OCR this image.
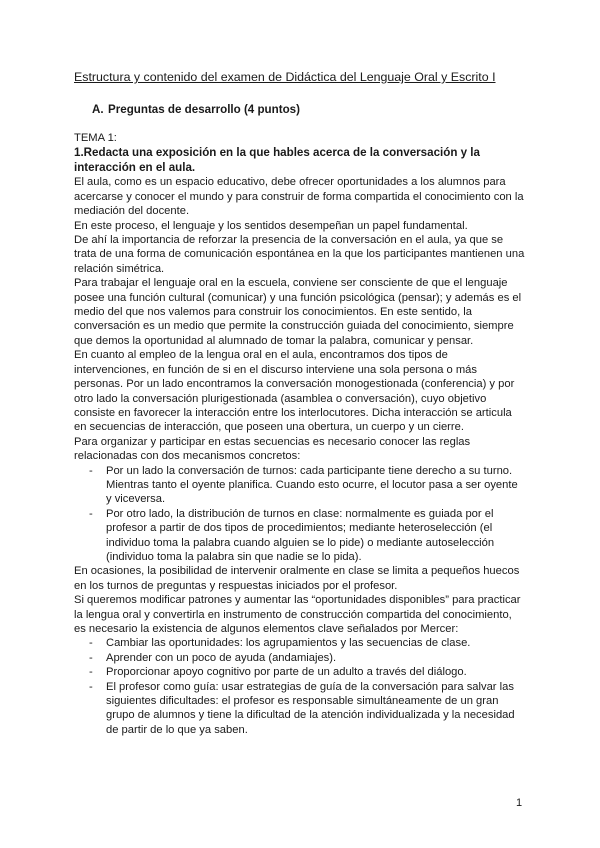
Estructura y contenido del examen de Didáctica del Lenguaje Oral y Escrito I
A. Preguntas de desarrollo (4 puntos)

TEMA 1:

1.Redacta una exposición en la que hables acerca de la conversación y la interacción en el aula.

El aula, como es un espacio educativo, debe ofrecer oportunidades a los alumnos para acercarse y conocer el mundo y para construir de forma compartida el conocimiento con la mediación del docente.

En este proceso, el lenguaje y los sentidos desempeñan un papel fundamental.

De ahí la importancia de reforzar la presencia de la conversación en el aula, ya que se trata de una forma de comunicación espontánea en la que los participantes mantienen una relación simétrica.

Para trabajar el lenguaje oral en la escuela, conviene ser consciente de que el lenguaje posee una función cultural (comunicar) y una función psicológica (pensar); y además es el medio del que nos valemos para construir los conocimientos. En este sentido, la conversación es un medio que permite la construcción guiada del conocimiento, siempre que demos la oportunidad al alumnado de tomar la palabra, comunicar y pensar.

En cuanto al empleo de la lengua oral en el aula, encontramos dos tipos de intervenciones, en función de si en el discurso interviene una sola persona o más personas. Por un lado encontramos la conversación monogestionada (conferencia) y por otro lado la conversación plurigestionada (asamblea o conversación), cuyo objetivo consiste en favorecer la interacción entre los interlocutores. Dicha interacción se articula en secuencias de interacción, que poseen una obertura, un cuerpo y un cierre.

Para organizar y participar en estas secuencias es necesario conocer las reglas relacionadas con dos mecanismos concretos:

- Por un lado la conversación de turnos: cada participante tiene derecho a su turno. Mientras tanto el oyente planifica. Cuando esto ocurre, el locutor pasa a ser oyente y viceversa.
- Por otro lado, la distribución de turnos en clase: normalmente es guiada por el profesor a partir de dos tipos de procedimientos; mediante heteroselección (el individuo toma la palabra cuando alguien se lo pide) o mediante autoselección (individuo toma la palabra sin que nadie se lo pida).

En ocasiones, la posibilidad de intervenir oralmente en clase se limita a pequeños huecos en los turnos de preguntas y respuestas iniciados por el profesor.

Si queremos modificar patrones y aumentar las “oportunidades disponibles” para practicar la lengua oral y convertirla en instrumento de construcción compartida del conocimiento, es necesario la existencia de algunos elementos clave señalados por Mercer:

- Cambiar las oportunidades: los agrupamientos y las secuencias de clase.
- Aprender con un poco de ayuda (andamiajes).
- Proporcionar apoyo cognitivo por parte de un adulto a través del diálogo.
- El profesor como guía: usar estrategias de guía de la conversación para salvar las siguientes dificultades: el profesor es responsable simultáneamente de un gran grupo de alumnos y tiene la dificultad de la atención individualizada y la necesidad de partir de lo que ya saben.
1
